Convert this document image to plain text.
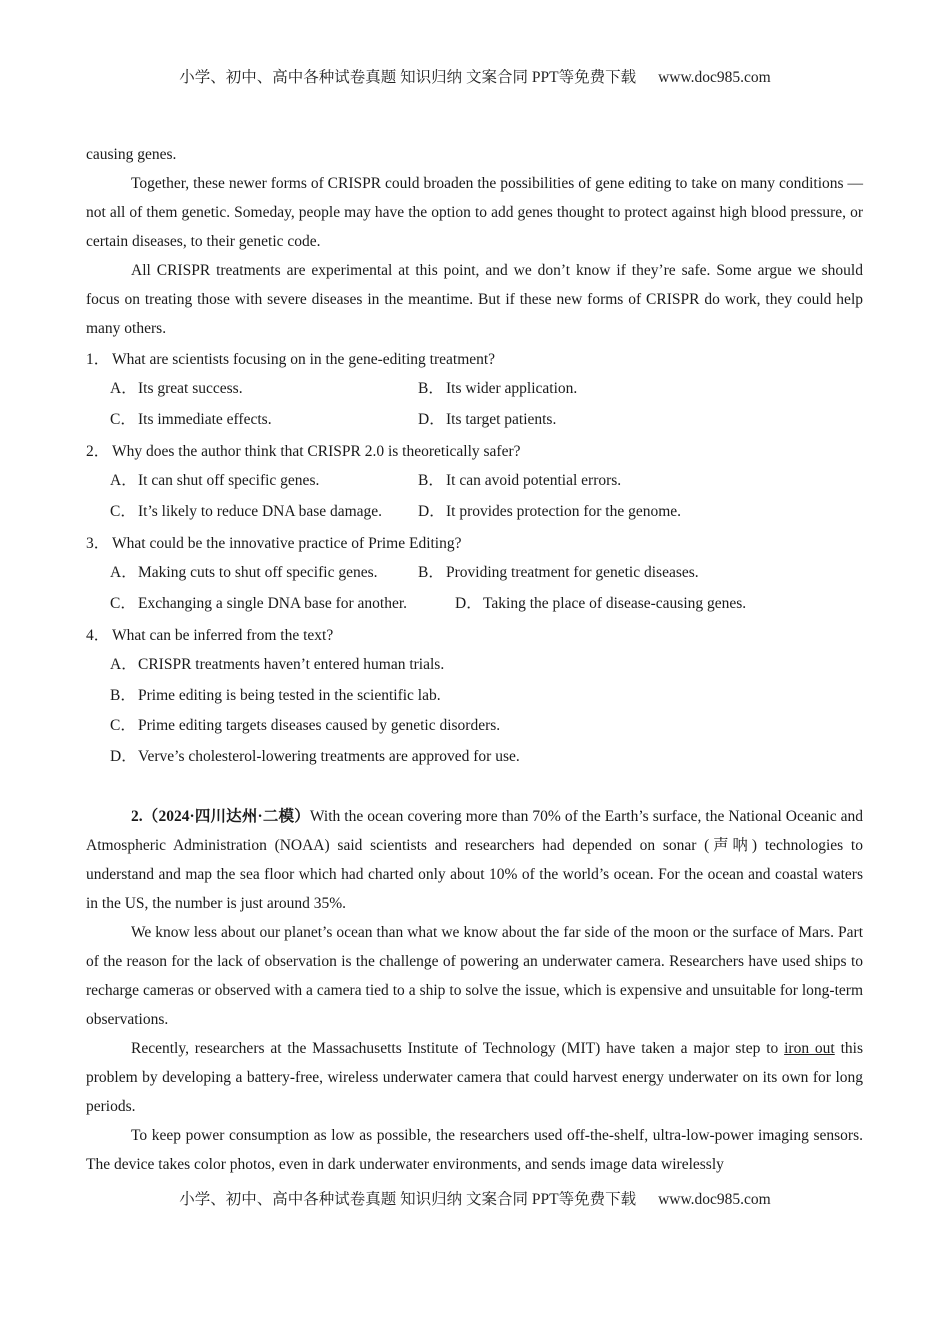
小学、初中、高中各种试卷真题 知识归纳 文案合同 PPT等免费下载 www.doc985.com

causing genes.

Together, these newer forms of CRISPR could broaden the possibilities of gene editing to take on many conditions — not all of them genetic. Someday, people may have the option to add genes thought to protect against high blood pressure, or certain diseases, to their genetic code.

All CRISPR treatments are experimental at this point, and we don’t know if they’re safe. Some argue we should focus on treating those with severe diseases in the meantime. But if these new forms of CRISPR do work, they could help many others.

1． What are scientists focusing on in the gene-editing treatment?
A． Its great success.	B． Its wider application.
C． Its immediate effects.	D． Its target patients.
2． Why does the author think that CRISPR 2.0 is theoretically safer?
A． It can shut off specific genes.	B． It can avoid potential errors.
C． It’s likely to reduce DNA base damage. D． It provides protection for the genome.
3． What could be the innovative practice of Prime Editing?
A． Making cuts to shut off specific genes.	B． Providing treatment for genetic diseases.
C． Exchanging a single DNA base for another.	D． Taking the place of disease-causing genes.
4． What can be inferred from the text?
A． CRISPR treatments haven’t entered human trials.
B． Prime editing is being tested in the scientific lab.
C． Prime editing targets diseases caused by genetic disorders.
D． Verve’s cholesterol-lowering treatments are approved for use.

2.（2024·四川达州·二模）With the ocean covering more than 70% of the Earth’s surface, the National Oceanic and Atmospheric Administration (NOAA) said scientists and researchers had depended on sonar (声呐) technologies to understand and map the sea floor which had charted only about 10% of the world’s ocean. For the ocean and coastal waters in the US, the number is just around 35%.

We know less about our planet’s ocean than what we know about the far side of the moon or the surface of Mars. Part of the reason for the lack of observation is the challenge of powering an underwater camera. Researchers have used ships to recharge cameras or observed with a camera tied to a ship to solve the issue, which is expensive and unsuitable for long-term observations.

Recently, researchers at the Massachusetts Institute of Technology (MIT) have taken a major step to iron out this problem by developing a battery-free, wireless underwater camera that could harvest energy underwater on its own for long periods.

To keep power consumption as low as possible, the researchers used off-the-shelf, ultra-low-power imaging sensors. The device takes color photos, even in dark underwater environments, and sends image data wirelessly

小学、初中、高中各种试卷真题 知识归纳 文案合同 PPT等免费下载 www.doc985.com
